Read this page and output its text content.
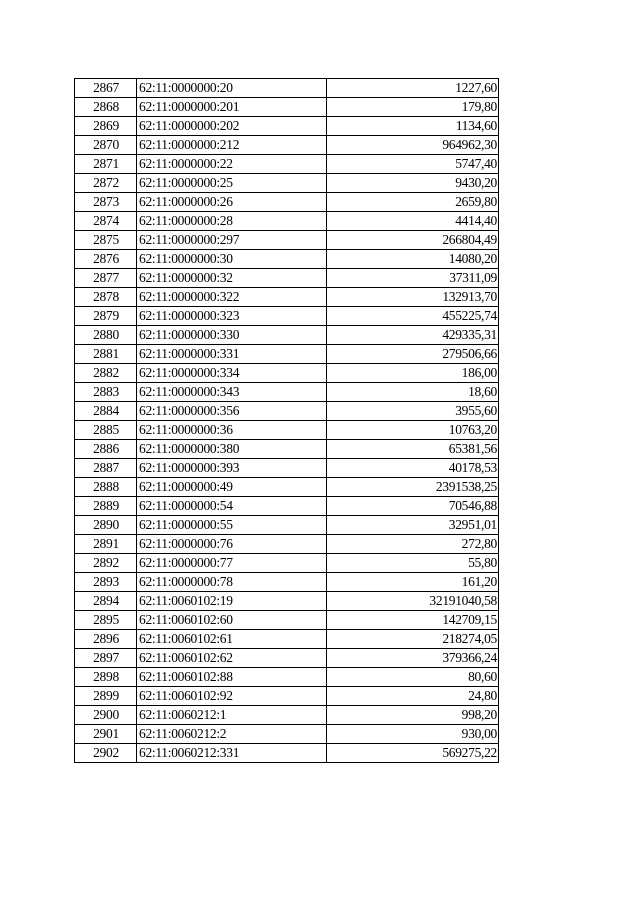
2867	62:11:0000000:20	1227,60
2868	62:11:0000000:201	179,80
2869	62:11:0000000:202	1134,60
2870	62:11:0000000:212	964962,30
2871	62:11:0000000:22	5747,40
2872	62:11:0000000:25	9430,20
2873	62:11:0000000:26	2659,80
2874	62:11:0000000:28	4414,40
2875	62:11:0000000:297	266804,49
2876	62:11:0000000:30	14080,20
2877	62:11:0000000:32	37311,09
2878	62:11:0000000:322	132913,70
2879	62:11:0000000:323	455225,74
2880	62:11:0000000:330	429335,31
2881	62:11:0000000:331	279506,66
2882	62:11:0000000:334	186,00
2883	62:11:0000000:343	18,60
2884	62:11:0000000:356	3955,60
2885	62:11:0000000:36	10763,20
2886	62:11:0000000:380	65381,56
2887	62:11:0000000:393	40178,53
2888	62:11:0000000:49	2391538,25
2889	62:11:0000000:54	70546,88
2890	62:11:0000000:55	32951,01
2891	62:11:0000000:76	272,80
2892	62:11:0000000:77	55,80
2893	62:11:0000000:78	161,20
2894	62:11:0060102:19	32191040,58
2895	62:11:0060102:60	142709,15
2896	62:11:0060102:61	218274,05
2897	62:11:0060102:62	379366,24
2898	62:11:0060102:88	80,60
2899	62:11:0060102:92	24,80
2900	62:11:0060212:1	998,20
2901	62:11:0060212:2	930,00
2902	62:11:0060212:331	569275,22
